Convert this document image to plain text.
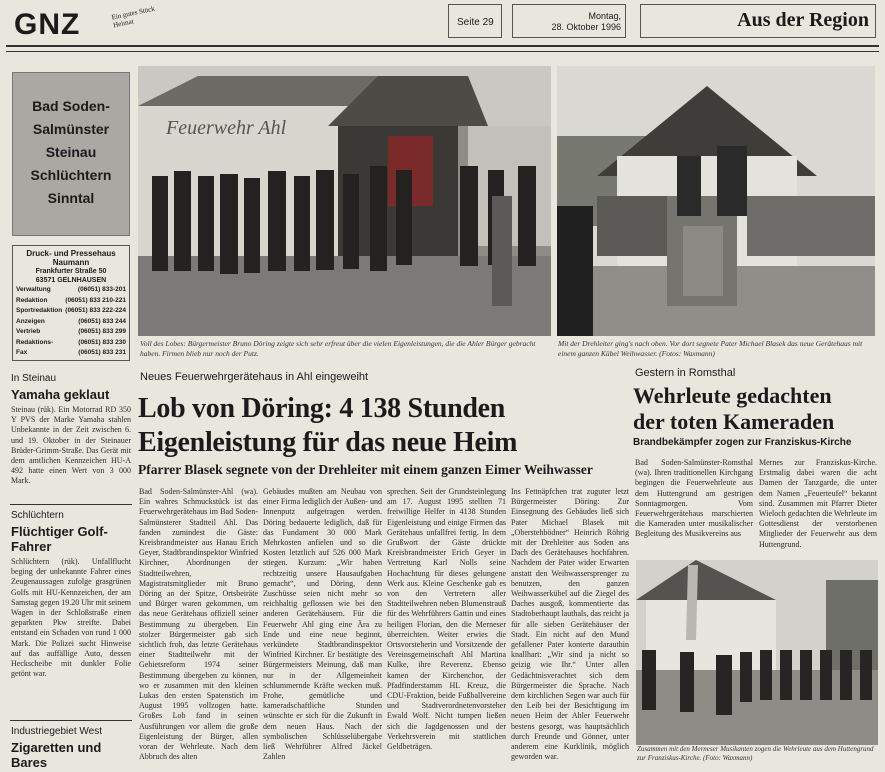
GNZ	Ein gutes Stück Heimat	Seite 29
Montag,
28. Oktober 1996	Aus der Region
Bad Soden-
Salmünster
Steinau
Schlüchtern
Sinntal
Druck- und Pressehaus Naumann
Frankfurter Straße 50
63571 GELNHAUSEN
Verwaltung	(06051) 833-201
Redaktion	(06051) 833 210-221
Sportredaktion (06051) 833 222-224
Anzeigen	(06051) 833 244
Vertrieb	(06051) 833 299
Redaktions-	(06051) 833 230
Fax	(06051) 833 231
Feuerwehr Ahl
Voll des Lobes: Bürgermeister Bruno Döring zeigte sich sehr erfreut über die vielen Eigenleistungen, die die Ahler Bürger gebracht haben. Firmen blieb nur noch der Putz.
Mit der Drehleiter ging's nach oben. Vor dort segnete Pater Michael Blasek das neue Gerätehaus mit einem ganzen Kübel Weihwasser. (Fotos: Waxmann)
Neues Feuerwehrgerätehaus in Ahl eingeweiht
Lob von Döring: 4 138 Stunden
Eigenleistung für das neue Heim
Pfarrer Blasek segnete von der Drehleiter mit einem ganzen Eimer Weihwasser
Bad Soden-Salmünster-Ahl (wa). Ein wahres Schmuckstück ist das Feuerwehrgerätehaus im Bad Soden-Salmünsterer Stadtteil Ahl. Das fanden zumindest die Gäste: Kreisbrandmeister aus Hanau Erich Geyer, Stadtbrandinspektor Winfried Kirchner, Abordnungen der Stadtteilwehren, Magistratsmitglieder mit Bruno Döring an der Spitze, Ortsbeiräte und Bürger waren gekommen, um das neue Gerätehaus offiziell seiner Bestimmung zu übergeben. Ein stolzer Bürgermeister gab sich sichtlich froh, das letzte Gerätehaus einer Stadtteilwehr mit der Gebietsreform 1974 seiner Bestimmung übergeben zu können, wo er zusammen mit den kleinen Lukas den ersten Spatenstich im August 1995 vollzogen hatte. Großes Lob fand in seinen Ausführungen vor allem die große Eigenleistung der Bürger, allen voran der Wehrleute. Nach dem Abbruch des alten
Gebäudes mußten am Neubau von einer Firma lediglich der Außen- und Innenputz aufgetragen werden. Döring bedauerte lediglich, daß für das Fundament 30 000 Mark Mehrkosten anfielen und so die Kosten letztlich auf 526 000 Mark stiegen. Kurzum: „Wir haben rechtzeitig unsere Hausaufgaben gemacht“, und Döring, denn Zuschüsse seien nicht mehr so reichhaltig geflossen wie bei den anderen Gerätehäusern. Für die Feuerwehr Ahl ging eine Ära zu Ende und eine neue beginnt, verkündete Stadtbrandinspektor Winfried Kirchner. Er bestätigte des Bürgermeisters Meinung, daß man nur in der Allgemeinheit schlummernde Kräfte wecken muß. Frohe, gemütliche und kameradschaftliche Stunden wünschte er sich für die Zukunft in dem neuen Haus. Nach der symbolischen Schlüsselübergabe ließ Wehrführer Alfred Jäckel Zahlen
sprechen. Seit der Grundsteinlegung am 17. August 1995 stellten 71 freiwillige Helfer in 4138 Stunden Eigenleistung und einige Firmen das Gerätehaus unfallfrei fertig. In dem Grußwort der Gäste drückte Kreisbrandmeister Erich Geyer in Vertretung Karl Nolls seine Hochachtung für dieses gelungene Werk aus. Kleine Geschenke gab es von den Vertretern aller Stadtteilwehren neben Blumenstrauß für des Wehrführers Gattin und eines heiligen Florian, den die Merneser überreichten. Weiter erwies die Ortsvorsteherin und Vorsitzende der Vereinsgemeinschaft Ahl Martina Kulke, ihre Reverenz. Ebenso kamen der Kirchenchor, der Pfadfinderstamm HL Kreuz, die CDU-Fraktion, beide Fußballvereine und Stadtverordnetenvorsteher Ewald Wolf. Nicht tumpen ließen sich die Jagdgenossen und der Verkehrsverein mit stattlichen Geldbeträgen.
Ins Fettnäpfchen trat zuguter letzt Bürgermeister Döring: Zur Einsegnung des Gebäudes ließ sich Pater Michael Blasek mit „Oberstehbödner“ Heinrich Röhrig mit der Drehleiter aus Soden ans Dach des Gerätehauses hochfahren. Nachdem der Pater wider Erwarten anstatt den Weihwassersprenger zu benutzen, den ganzen Weihwasserkübel auf die Ziegel des Daches ausgoß, kommentierte das Stadtoberhaupt lauthals, das reicht ja für alle sieben Gerätehäuser der Stadt. Ein nicht auf den Mund gefallener Pater konterte darauthin knallhart: „Wir sind ja nicht so geizig wie Ihr.“ Unter allen Gedächtnisverachtet sich dem Bürgermeister die Sprache. Nach dem kirchlichen Segen war auch für den Leib bei der Besichtigung im neuen Heim der Ahler Feuerwehr bestens gesorgt, was hauptsächlich durch Freunde und Gönner, unter anderem eine Kurklinik, möglich geworden war.
Gestern in Romsthal
Wehrleute gedachten
der toten Kameraden
Brandbekämpfer zogen zur Franziskus-Kirche
Bad Soden-Salmünster-Romsthal (wa). Ihren traditionellen Kirchgang begingen die Feuerwehrleute aus dem Huttengrund am gestrigen Sonntagmorgen. Vom Feuerwehrgerätehaus marschierten die Kameraden unter musikalischer Begleitung des Musikvereins aus
Mernes zur Franziskus-Kirche. Erstmalig dabei waren die acht Damen der Tanzgarde, die unter dem Namen „Feuerteufel“ bekannt sind. Zusammen mit Pfarrer Dieter Wieloch gedachten die Wehrleute im Gottesdienst der verstorbenen Mitglieder der Feuerwehr aus dem Huttengrund.
Zusammen mit den Merneser Musikanten zogen die Wehrleute aus dem Huttengrund zur Franziskus-Kirche. (Foto: Waxmann)
In Steinau
Yamaha geklaut
Steinau (rük). Ein Motorrad RD 350 Y PVS der Marke Yamaha stahlen Unbekannte in der Zeit zwischen 6. und 19. Oktober in der Steinauer Brüder-Grimm-Straße. Das Gerät mit dem amtlichen Kennzeichen HU-A 492 hatte einen Wert von 3 000 Mark.
Schlüchtern
Flüchtiger Golf-Fahrer
Schlüchtern (rük). Unfallflucht beging der unbekannte Fahrer eines Zeugenaussagen zufolge grasgrünen Golfs mit HU-Kennzeichen, der am Samstag gegen 19.20 Uhr mit seinem Wagen in der Schloßstraße einen geparkten Pkw streifte. Dabei entstand ein Schaden von rund 1 000 Mark. Die Polizei sucht Hinweise auf das auffällige Auto, dessen Heckscheibe mit dunkler Folie getönt war.
Industriegebiet West
Zigaretten und Bares
